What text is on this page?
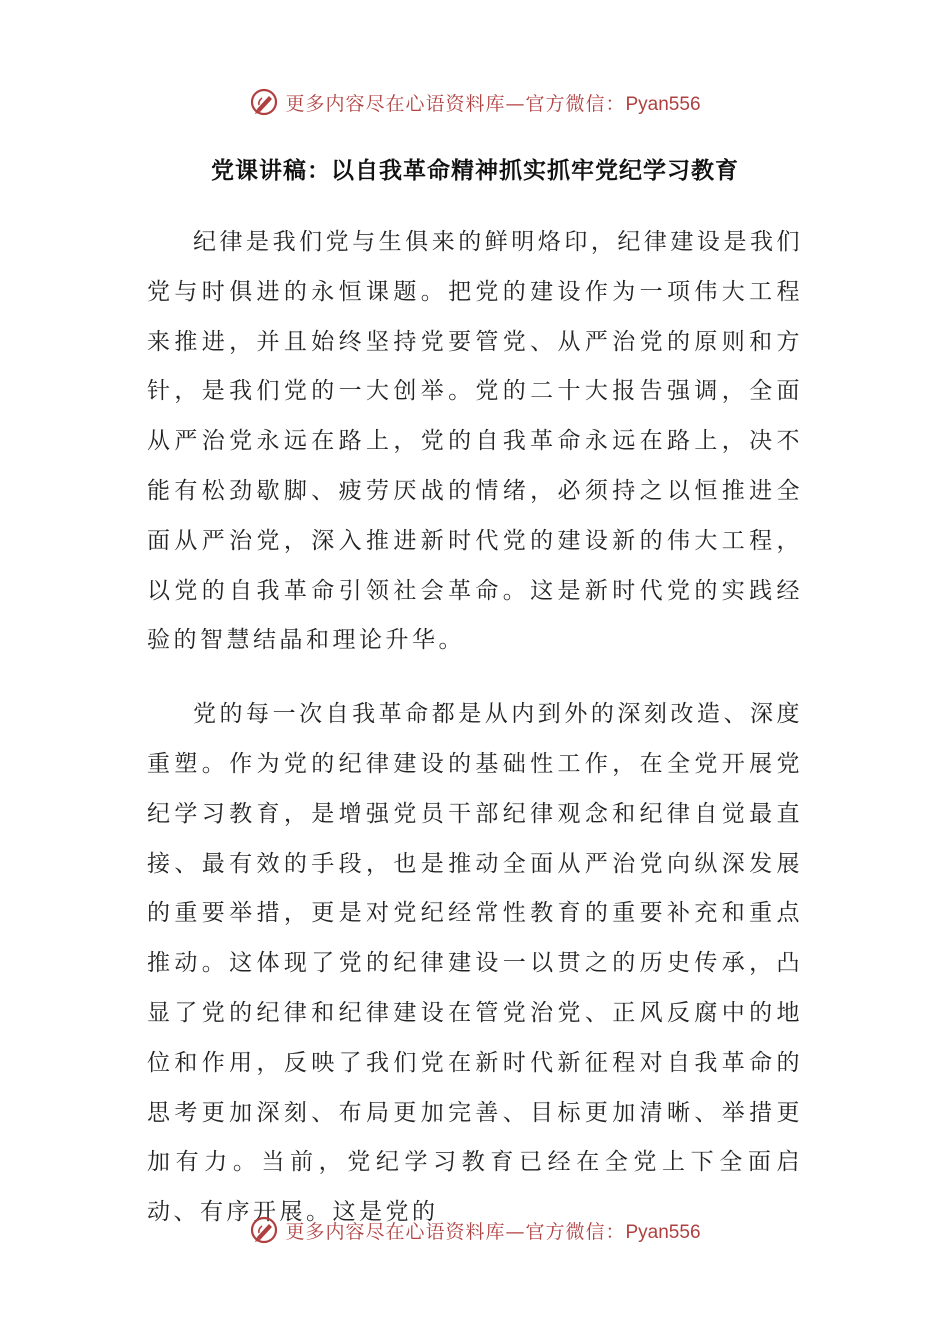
更多内容尽在心语资料库—官方微信：Pyan556
党课讲稿：以自我革命精神抓实抓牢党纪学习教育

纪律是我们党与生俱来的鲜明烙印，纪律建设是我们党与时俱进的永恒课题。把党的建设作为一项伟大工程来推进，并且始终坚持党要管党、从严治党的原则和方针，是我们党的一大创举。党的二十大报告强调，全面从严治党永远在路上，党的自我革命永远在路上，决不能有松劲歇脚、疲劳厌战的情绪，必须持之以恒推进全面从严治党，深入推进新时代党的建设新的伟大工程，以党的自我革命引领社会革命。这是新时代党的实践经验的智慧结晶和理论升华。

党的每一次自我革命都是从内到外的深刻改造、深度重塑。作为党的纪律建设的基础性工作，在全党开展党纪学习教育，是增强党员干部纪律观念和纪律自觉最直接、最有效的手段，也是推动全面从严治党向纵深发展的重要举措，更是对党纪经常性教育的重要补充和重点推动。这体现了党的纪律建设一以贯之的历史传承，凸显了党的纪律和纪律建设在管党治党、正风反腐中的地位和作用，反映了我们党在新时代新征程对自我革命的思考更加深刻、布局更加完善、目标更加清晰、举措更加有力。当前，党纪学习教育已经在全党上下全面启动、有序开展。这是党的

更多内容尽在心语资料库—官方微信：Pyan556
